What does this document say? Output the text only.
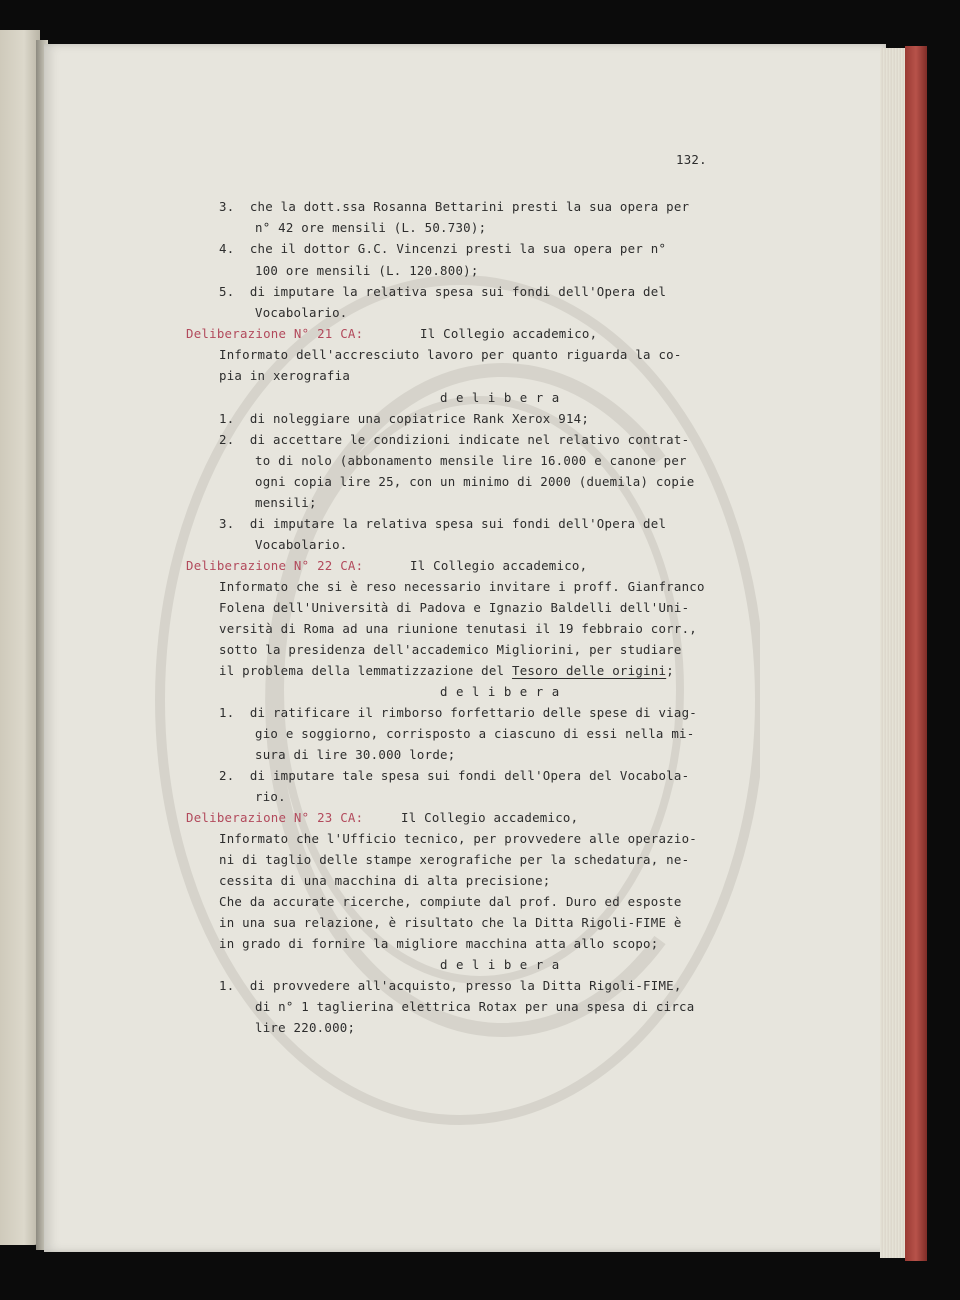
132.
3.  che la dott.ssa Rosanna Bettarini presti la sua opera per
n° 42 ore mensili (L. 50.730);
4.  che il dottor G.C. Vincenzi presti la sua opera per n°
100 ore mensili (L. 120.800);
5.  di imputare la relativa spesa sui fondi dell'Opera del
Vocabolario.
Deliberazione N° 21 CA:	Il Collegio accademico,
Informato dell'accresciuto lavoro per quanto riguarda la co-
pia in xerografia
delibera
1.  di noleggiare una copiatrice Rank Xerox 914;
2.  di accettare le condizioni indicate nel relativo contrat-
to di nolo (abbonamento mensile lire 16.000 e canone per
ogni copia lire 25, con un minimo di 2000 (duemila) copie
mensili;
3.  di imputare la relativa spesa sui fondi dell'Opera del
Vocabolario.
Deliberazione N° 22 CA:	Il Collegio accademico,
Informato che si è reso necessario invitare i proff. Gianfranco
Folena dell'Università di Padova e Ignazio Baldelli dell'Uni-
versità di Roma ad una riunione tenutasi il 19 febbraio corr.,
sotto la presidenza dell'accademico Migliorini, per studiare
il problema della lemmatizzazione del Tesoro delle origini;
delibera
1.  di ratificare il rimborso forfettario delle spese di viag-
gio e soggiorno, corrisposto a ciascuno di essi nella mi-
sura di lire 30.000 lorde;
2.  di imputare tale spesa sui fondi dell'Opera del Vocabola-
rio.
Deliberazione N° 23 CA:	Il Collegio accademico,
Informato che l'Ufficio tecnico, per provvedere alle operazio-
ni di taglio delle stampe xerografiche per la schedatura, ne-
cessita di una macchina di alta precisione;
Che da accurate ricerche, compiute dal prof. Duro ed esposte
in una sua relazione, è risultato che la Ditta Rigoli-FIME è
in grado di fornire la migliore macchina atta allo scopo;
delibera
1.  di provvedere all'acquisto, presso la Ditta Rigoli-FIME,
di n° 1 taglierina elettrica Rotax per una spesa di circa
lire 220.000;
